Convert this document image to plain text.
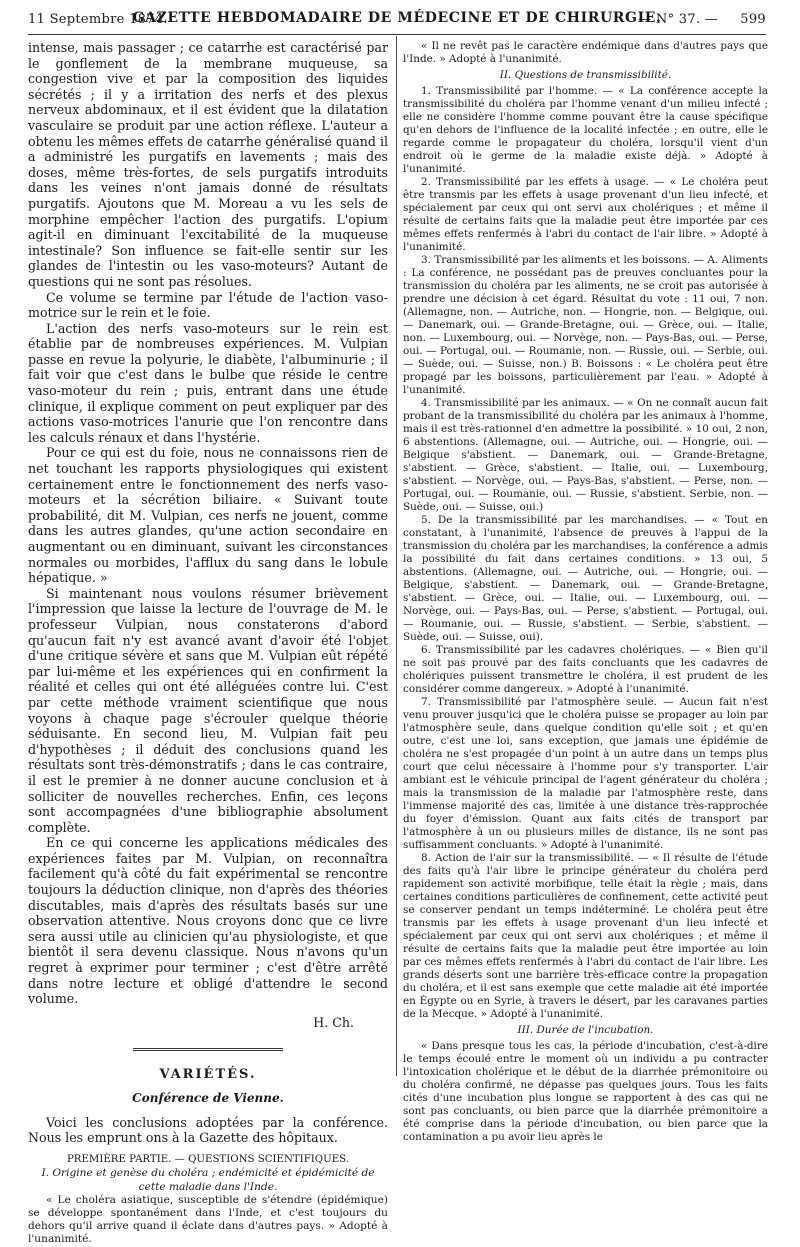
11 Septembre 1874.
GAZETTE HEBDOMADAIRE DE MÉDECINE ET DE CHIRURGIE.
— N° 37. — 599

intense, mais passager ; ce catarrhe est caractérisé par le gonflement de la membrane muqueuse, sa congestion vive et par la composition des liquides sécrétés ; il y a irritation des nerfs et des plexus nerveux abdominaux, et il est évident que la dilatation vasculaire se produit par une action réflexe. L'auteur a obtenu les mêmes effets de catarrhe généralisé quand il a administré les purgatifs en lavements ; mais des doses, même très-fortes, de sels purgatifs introduits dans les veines n'ont jamais donné de résultats purgatifs. Ajoutons que M. Moreau a vu les sels de morphine empêcher l'action des purgatifs. L'opium agit-il en diminuant l'excitabilité de la muqueuse intestinale? Son influence se fait-elle sentir sur les glandes de l'intestin ou les vaso-moteurs? Autant de questions qui ne sont pas résolues.

Ce volume se termine par l'étude de l'action vaso-motrice sur le rein et le foie.

L'action des nerfs vaso-moteurs sur le rein est établie par de nombreuses expériences. M. Vulpian passe en revue la polyurie, le diabète, l'albuminurie ; il fait voir que c'est dans le bulbe que réside le centre vaso-moteur du rein ; puis, entrant dans une étude clinique, il explique comment on peut expliquer par des actions vaso-motrices l'anurie que l'on rencontre dans les calculs rénaux et dans l'hystérie.

Pour ce qui est du foie, nous ne connaissons rien de net touchant les rapports physiologiques qui existent certainement entre le fonctionnement des nerfs vaso-moteurs et la sécrétion biliaire. « Suivant toute probabilité, dit M. Vulpian, ces nerfs ne jouent, comme dans les autres glandes, qu'une action secondaire en augmentant ou en diminuant, suivant les circonstances normales ou morbides, l'afflux du sang dans le lobule hépatique. »

Si maintenant nous voulons résumer brièvement l'impression que laisse la lecture de l'ouvrage de M. le professeur Vulpian, nous constaterons d'abord qu'aucun fait n'y est avancé avant d'avoir été l'objet d'une critique sévère et sans que M. Vulpian eût répété par lui-même et les expériences qui en confirment la réalité et celles qui ont été alléguées contre lui. C'est par cette méthode vraiment scientifique que nous voyons à chaque page s'écrouler quelque théorie séduisante. En second lieu, M. Vulpian fait peu d'hypothèses ; il déduit des conclusions quand les résultats sont très-démonstratifs ; dans le cas contraire, il est le premier à ne donner aucune conclusion et à solliciter de nouvelles recherches. Enfin, ces leçons sont accompagnées d'une bibliographie absolument complète.

En ce qui concerne les applications médicales des expériences faites par M. Vulpian, on reconnaîtra facilement qu'à côté du fait expérimental se rencontre toujours la déduction clinique, non d'après des théories discutables, mais d'après des résultats basés sur une observation attentive. Nous croyons donc que ce livre sera aussi utile au clinicien qu'au physiologiste, et que bientôt il sera devenu classique. Nous n'avons qu'un regret à exprimer pour terminer ; c'est d'être arrêté dans notre lecture et obligé d'attendre le second volume.

H. Ch.

VARIÉTÉS.

Conférence de Vienne.

Voici les conclusions adoptées par la conférence. Nous les emprunt ons à la Gazette des hôpitaux.

PREMIÈRE PARTIE. — QUESTIONS SCIENTIFIQUES.

I. Origine et genèse du choléra ; endémicité et épidémicité de cette maladie dans l'Inde.

« Le choléra asiatique, susceptible de s'étendre (épidémique) se développe spontanément dans l'Inde, et c'est toujours du dehors qu'il arrive quand il éclate dans d'autres pays. » Adopté à l'unanimité.

« Il ne revêt pas le caractère endémique dans d'autres pays que l'Inde. » Adopté à l'unanimité.

II. Questions de transmissibilité.

1. Transmissibilité par l'homme. — « La conférence accepte la transmissibilité du choléra par l'homme venant d'un milieu infecté ; elle ne considère l'homme comme pouvant être la cause spécifique qu'en dehors de l'influence de la localité infectée ; en outre, elle le regarde comme le propagateur du choléra, lorsqu'il vient d'un endroit où le germe de la maladie existe déjà. » Adopté à l'unanimité.

2. Transmissibilité par les effets à usage. — « Le choléra peut être transmis par les effets à usage provenant d'un lieu infecté, et spécialement par ceux qui ont servi aux cholériques ; et même il résulte de certains faits que la maladie peut être importée par ces mêmes effets renfermés à l'abri du contact de l'air libre. » Adopté à l'unanimité.

3. Transmissibilité par les aliments et les boissons. — A. Aliments : La conférence, ne possédant pas de preuves concluantes pour la transmission du choléra par les aliments, ne se croit pas autorisée à prendre une décision à cet égard. Résultat du vote : 11 oui, 7 non. (Allemagne, non. — Autriche, non. — Hongrie, non. — Belgique, oui. — Danemark, oui. — Grande-Bretagne, oui. — Grèce, oui. — Italie, non. — Luxembourg, oui. — Norvège, non. — Pays-Bas, oui. — Perse, oui. — Portugal, oui. — Roumanie, non. — Russie, oui. — Serbie, oui. — Suède, oui. — Suisse, non.) B. Boissons : « Le choléra peut être propagé par les boissons, particulièrement par l'eau. » Adopté à l'unanimité.

4. Transmissibilité par les animaux. — « On ne connaît aucun fait probant de la transmissibilité du choléra par les animaux à l'homme, mais il est très-rationnel d'en admettre la possibilité. » 10 oui, 2 non, 6 abstentions. (Allemagne, oui. — Autriche, oui. — Hongrie, oui. — Belgique s'abstient. — Danemark, oui. — Grande-Bretagne, s'abstient. — Grèce, s'abstient. — Italie, oui. — Luxembourg, s'abstient. — Norvège, oui. — Pays-Bas, s'abstient. — Perse, non. — Portugal, oui. — Roumanie, oui. — Russie, s'abstient. Serbie, non. — Suède, oui. — Suisse, oui.)

5. De la transmissibilité par les marchandises. — « Tout en constatant, à l'unanimité, l'absence de preuves à l'appui de la transmission du choléra par les marchandises, la conférence a admis la possibilité du fait dans certaines conditions. » 13 oui, 5 abstentions. (Allemagne, oui. — Autriche, oui. — Hongrie, oui. — Belgique, s'abstient. — Danemark, oui. — Grande-Bretagne, s'abstient. — Grèce, oui. — Italie, oui. — Luxembourg, oui. — Norvège, oui. — Pays-Bas, oui. — Perse, s'abstient. — Portugal, oui. — Roumanie, oui. — Russie, s'abstient. — Serbie, s'abstient. — Suède, oui. — Suisse, oui).

6. Transmissibilité par les cadavres cholériques. — « Bien qu'il ne soit pas prouvé par des faits concluants que les cadavres de cholériques puissent transmettre le choléra, il est prudent de les considérer comme dangereux. » Adopté à l'unanimité.

7. Transmissibilité par l'atmosphère seule. — Aucun fait n'est venu prouver jusqu'ici que le choléra puisse se propager au loin par l'atmosphère seule, dans quelque condition qu'elle soit ; et qu'en outre, c'est une loi, sans exception, que jamais une épidémie de choléra ne s'est propagée d'un point à un autre dans un temps plus court que celui nécessaire à l'homme pour s'y transporter. L'air ambiant est le véhicule principal de l'agent générateur du choléra ; mais la transmission de la maladie par l'atmosphère reste, dans l'immense majorité des cas, limitée à une distance très-rapprochée du foyer d'émission. Quant aux faits cités de transport par l'atmosphère à un ou plusieurs milles de distance, ils ne sont pas suffisamment concluants. » Adopté à l'unanimité.

8. Action de l'air sur la transmissibilité. — « Il résulte de l'étude des faits qu'à l'air libre le principe générateur du choléra perd rapidement son activité morbifique, telle était la règle ; mais, dans certaines conditions particulières de confinement, cette activité peut se conserver pendant un temps indéterminé. Le choléra peut être transmis par les effets à usage provenant d'un lieu infecté et spécialement par ceux qui ont servi aux cholériques ; et même il résulte de certains faits que la maladie peut être importée au loin par ces mêmes effets renfermés à l'abri du contact de l'air libre. Les grands déserts sont une barrière très-efficace contre la propagation du choléra, et il est sans exemple que cette maladie ait été importée en Égypte ou en Syrie, à travers le désert, par les caravanes parties de la Mecque. » Adopté à l'unanimité.

III. Durée de l'incubation.

« Dans presque tous les cas, la période d'incubation, c'est-à-dire le temps écoulé entre le moment où un individu a pu contracter l'intoxication cholérique et le début de la diarrhée prémonitoire ou du choléra confirmé, ne dépasse pas quelques jours. Tous les faits cités d'une incubation plus longue se rapportent à des cas qui ne sont pas concluants, ou bien parce que la diarrhée prémonitoire a été comprise dans la période d'incubation, ou bien parce que la contamination a pu avoir lieu après le
